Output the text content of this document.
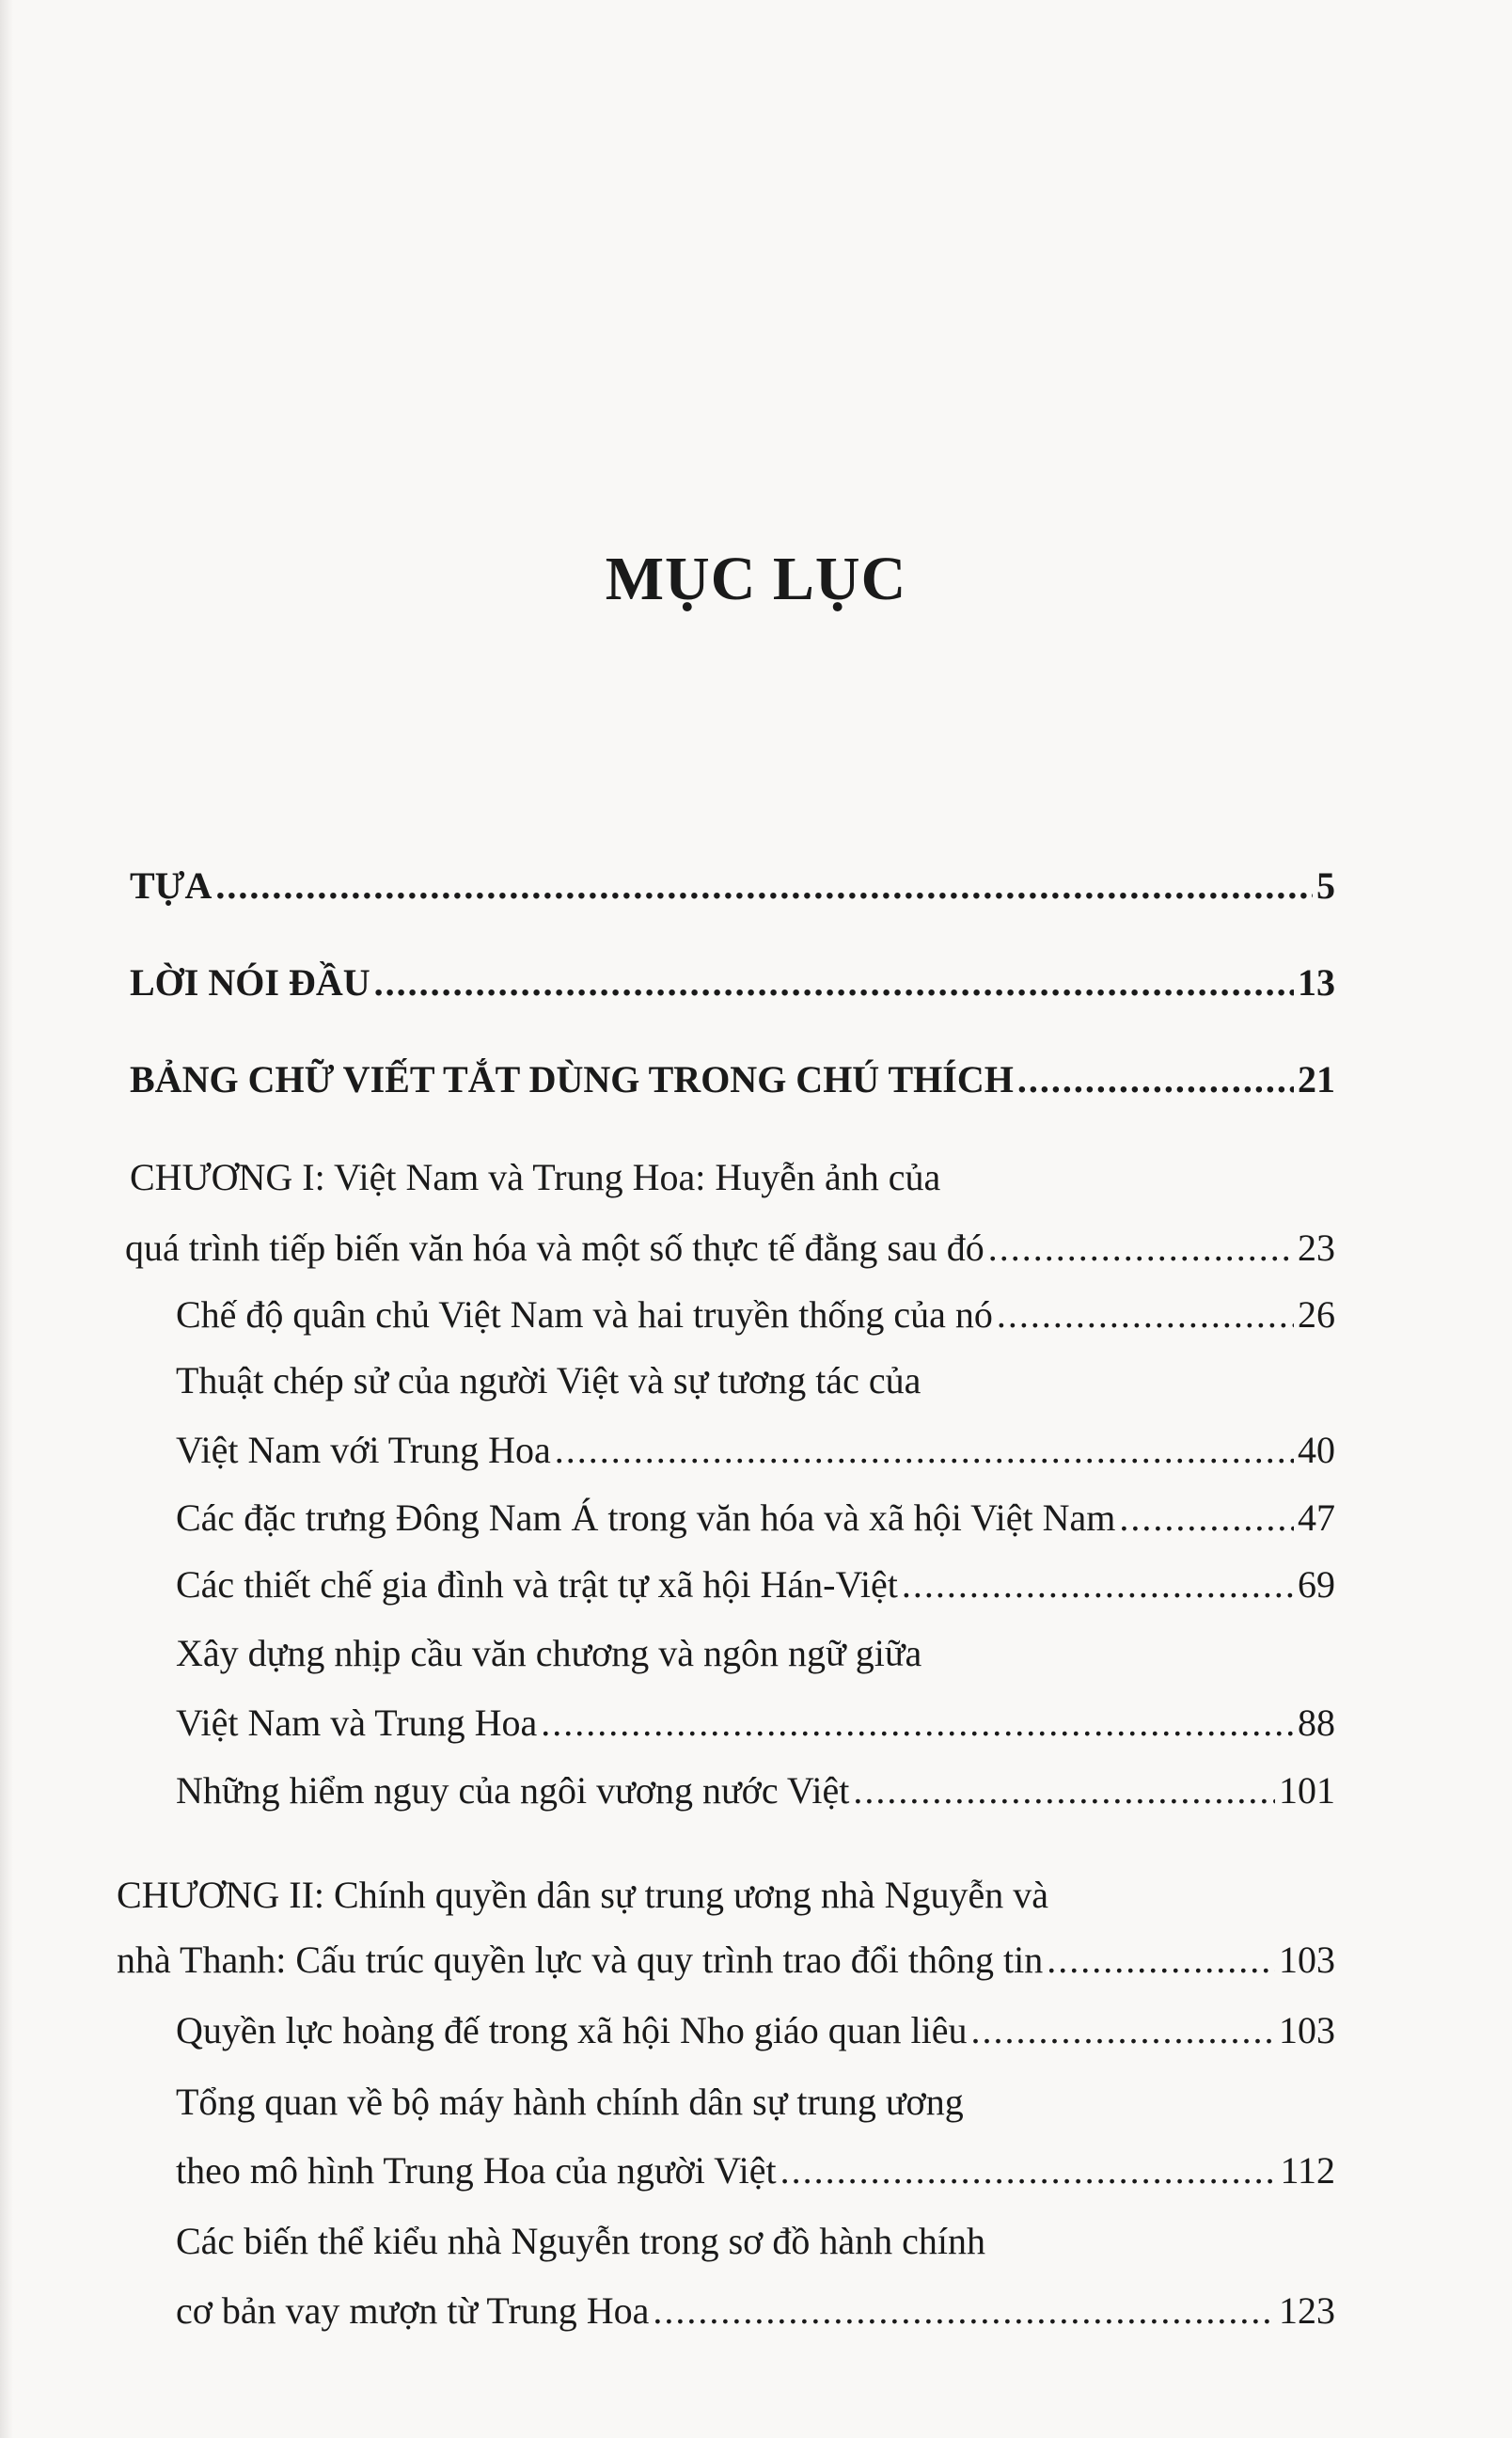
MỤC LỤC
TỰA .....	5
LỜI NÓI ĐẦU .....	13
BẢNG CHỮ VIẾT TẮT DÙNG TRONG CHÚ THÍCH .....	21
CHƯƠNG I: Việt Nam và Trung Hoa: Huyễn ảnh của
quá trình tiếp biến văn hóa và một số thực tế đằng sau đó .....	23
Chế độ quân chủ Việt Nam và hai truyền thống của nó .....	26
Thuật chép sử của người Việt và sự tương tác của
Việt Nam với Trung Hoa .....	40
Các đặc trưng Đông Nam Á trong văn hóa và xã hội Việt Nam .....	47
Các thiết chế gia đình và trật tự xã hội Hán-Việt .....	69
Xây dựng nhịp cầu văn chương và ngôn ngữ giữa
Việt Nam và Trung Hoa .....	88
Những hiểm nguy của ngôi vương nước Việt .....	101
CHƯƠNG II: Chính quyền dân sự trung ương nhà Nguyễn và
nhà Thanh: Cấu trúc quyền lực và quy trình trao đổi thông tin .....	103
Quyền lực hoàng đế trong xã hội Nho giáo quan liêu .....	103
Tổng quan về bộ máy hành chính dân sự trung ương
theo mô hình Trung Hoa của người Việt .....	112
Các biến thể kiểu nhà Nguyễn trong sơ đồ hành chính
cơ bản vay mượn từ Trung Hoa .....	123
